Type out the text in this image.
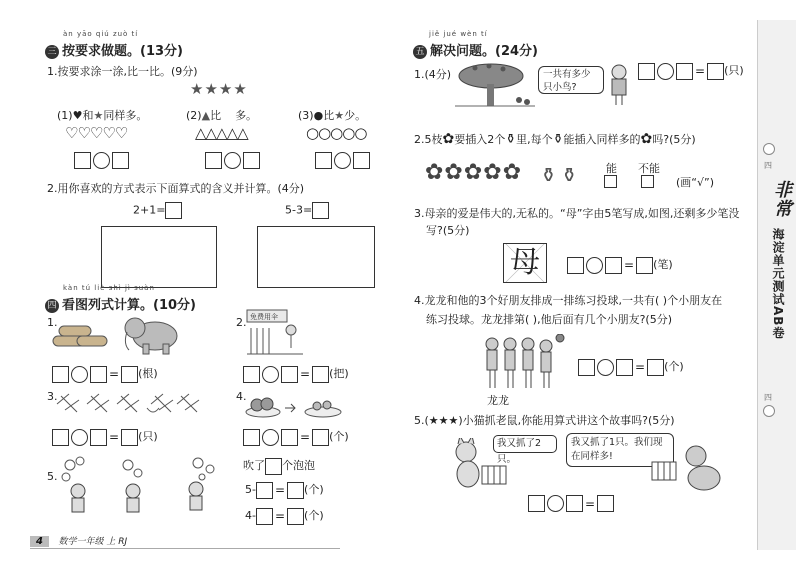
àn yāo qiú zuò tí
三 按要求做题。(13分)
1.按要求涂一涂,比一比。(9分)
★★★★
(1)♥和★同样多。	(2)▲比 多。	(3)●比★少。
♡♡♡♡♡	△△△△△	○○○○○
2.用你喜欢的方式表示下面算式的含义并计算。(4分)
2+1=	5-3=
kàn tú liè shì jì suàn
四 看图列式计算。(10分)
1.
= (根)
2. 免费用伞
= (把)
3.
= (只)
4.
= (个)
5.
吹了 个泡泡
5- = (个)
4- = (个)
4 数学一年级 上 RJ
jiě jué wèn tí
五 解决问题。(24分)
1.(4分)	一共有多少
只小鸟?
= (只)
2.5枝✿要插入2个⚱里,每个⚱能插入同样多的✿吗?(5分)
✿✿✿✿✿ ⚱⚱ 能 不能
(画“√”)
3.母亲的爱是伟大的,无私的。“母”字由5笔写成,如图,还剩多少笔没
写?(5分)
母	= (笔)
4.龙龙和他的3个好朋友排成一排练习投球,一共有( )个小朋友在
练习投球。龙龙排第( ),他后面有几个小朋友?(5分)
龙龙
= (个)
5.(★★★)小猫抓老鼠,你能用算式讲这个故事吗?(5分)
我又抓了2只。
我又抓了1只。我们现
在同样多!
=
四
四
非常
海淀单元测试AB卷
